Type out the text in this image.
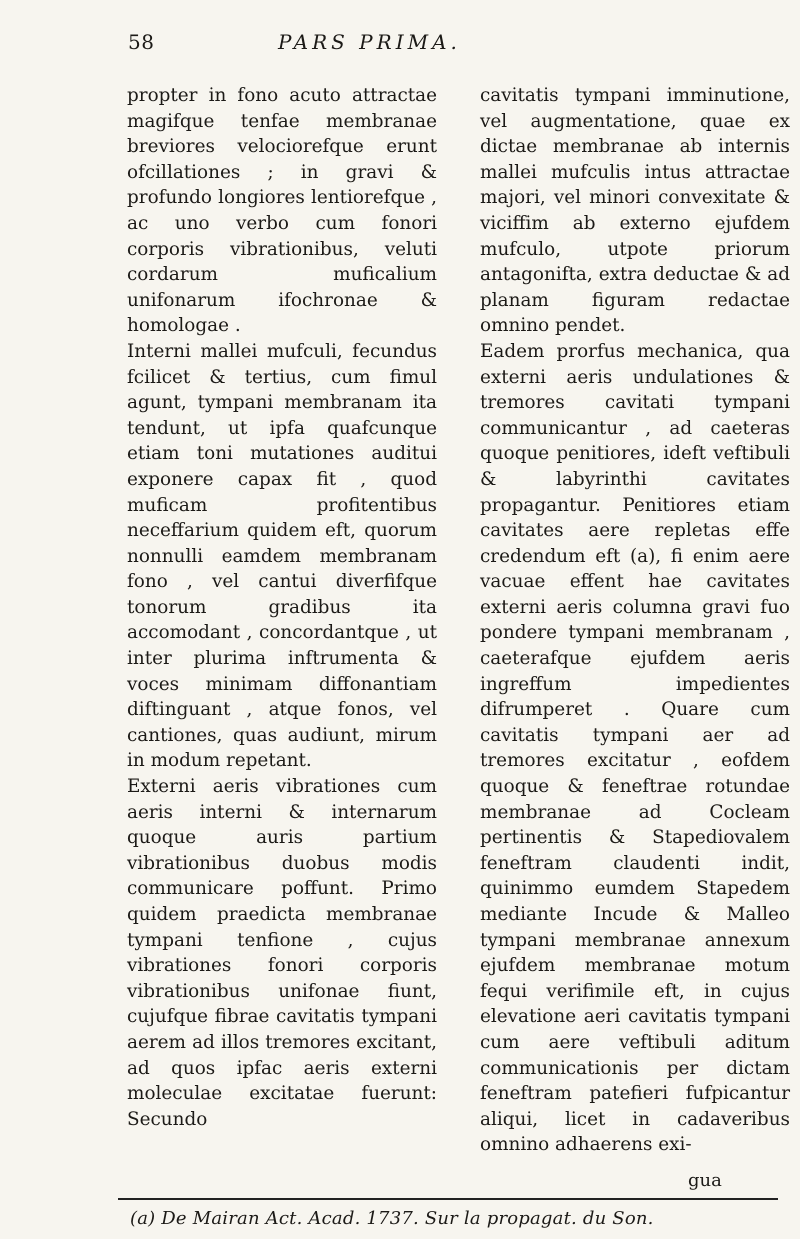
58	PARS PRIMA.

propter in fono acuto attractae magifque tenfae membranae breviores velociorefque erunt ofcillationes ; in gravi & profundo longiores lentiorefque , ac uno verbo cum fonori corporis vibrationibus, veluti cordarum muficalium unifonarum ifochronae & homologae .

Interni mallei mufculi, fecundus fcilicet & tertius, cum fimul agunt, tympani membranam ita tendunt, ut ipfa quafcunque etiam toni mutationes auditui exponere capax fit , quod muficam profitentibus neceffarium quidem eft, quorum nonnulli eamdem membranam fono , vel cantui diverfifque tonorum gradibus ita accomodant , concordantque , ut inter plurima inftrumenta & voces minimam diffonantiam diftinguant , atque fonos, vel cantiones, quas audiunt, mirum in modum repetant.

Externi aeris vibrationes cum aeris interni & internarum quoque auris partium vibrationibus duobus modis communicare poffunt. Primo quidem praedicta membranae tympani tenfione , cujus vibrationes fonori corporis vibrationibus unifonae fiunt, cujufque fibrae cavitatis tympani aerem ad illos tremores excitant, ad quos ipfac aeris externi moleculae excitatae fuerunt: Secundo

cavitatis tympani imminutione, vel augmentatione, quae ex dictae membranae ab internis mallei mufculis intus attractae majori, vel minori convexitate & viciffim ab externo ejufdem mufculo, utpote priorum antagonifta, extra deductae & ad planam figuram redactae omnino pendet.

Eadem prorfus mechanica, qua externi aeris undulationes & tremores cavitati tympani communicantur , ad caeteras quoque penitiores, ideft veftibuli & labyrinthi cavitates propagantur. Penitiores etiam cavitates aere repletas effe credendum eft (a), fi enim aere vacuae effent hae cavitates externi aeris columna gravi fuo pondere tympani membranam , caeterafque ejufdem aeris ingreffum impedientes difrumperet . Quare cum cavitatis tympani aer ad tremores excitatur , eofdem quoque & feneftrae rotundae membranae ad Cocleam pertinentis & Stapediovalem feneftram claudenti indit, quinimmo eumdem Stapedem mediante Incude & Malleo tympani membranae annexum ejufdem membranae motum fequi verifimile eft, in cujus elevatione aeri cavitatis tympani cum aere veftibuli aditum communicationis per dictam feneftram patefieri fufpicantur aliqui, licet in cadaveribus omnino adhaerens exi-

gua
(a) De Mairan Act. Acad. 1737. Sur la propagat. du Son.
